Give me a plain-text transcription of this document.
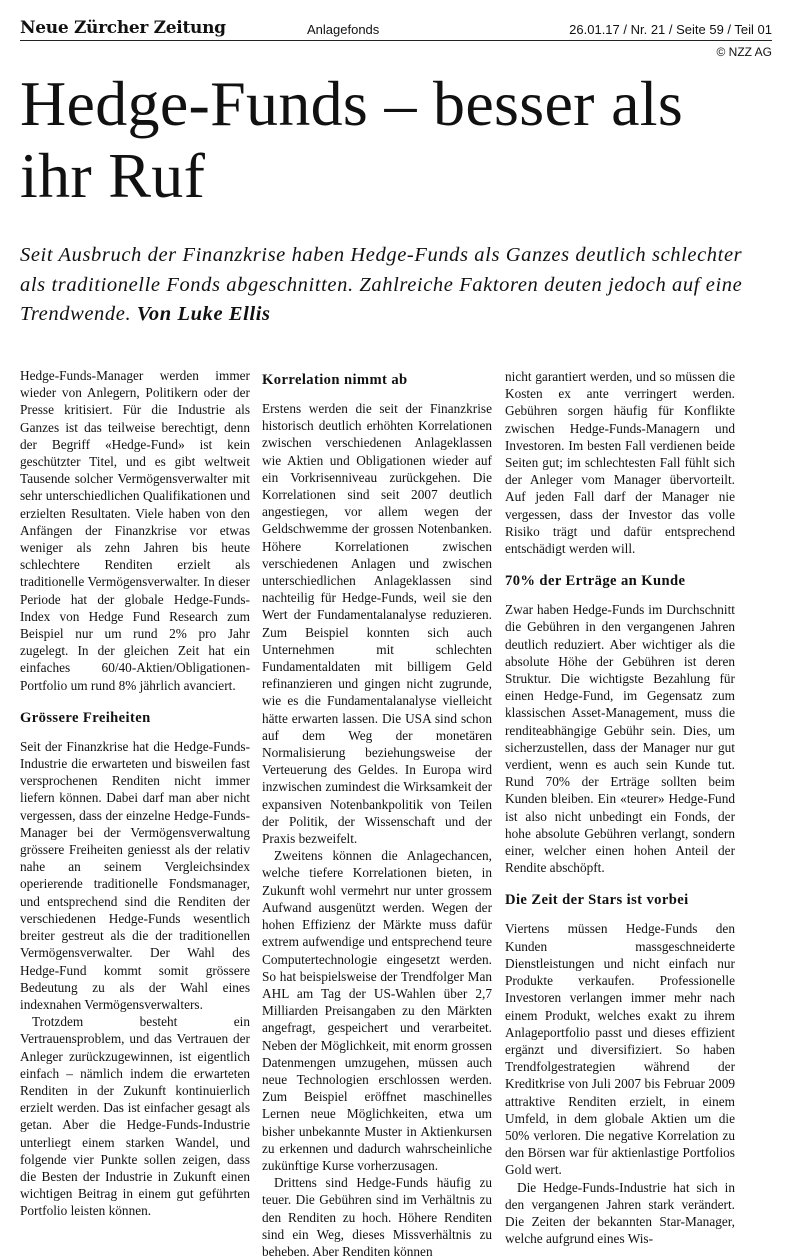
Neue Zürcher Zeitung	Anlagefonds	26.01.17 / Nr. 21 / Seite 59 / Teil 01
© NZZ AG
Hedge-Funds – besser als ihr Ruf

Seit Ausbruch der Finanzkrise haben Hedge-Funds als Ganzes deutlich schlechter als traditionelle Fonds abgeschnitten. Zahlreiche Faktoren deuten jedoch auf eine Trendwende. Von Luke Ellis

Hedge-Funds-Manager werden immer wieder von Anlegern, Politikern oder der Presse kritisiert. Für die Industrie als Ganzes ist das teilweise berechtigt, denn der Begriff «Hedge-Fund» ist kein geschützter Titel, und es gibt weltweit Tausende solcher Vermögensverwalter mit sehr unterschiedlichen Qualifikationen und erzielten Resultaten. Viele haben von den Anfängen der Finanzkrise vor etwas weniger als zehn Jahren bis heute schlechtere Renditen erzielt als traditionelle Vermögensverwalter. In dieser Periode hat der globale Hedge-Funds-Index von Hedge Fund Research zum Beispiel nur um rund 2% pro Jahr zugelegt. In der gleichen Zeit hat ein einfaches 60/40-Aktien/Obligationen-Portfolio um rund 8% jährlich avanciert.

Grössere Freiheiten

Seit der Finanzkrise hat die Hedge-Funds-Industrie die erwarteten und bisweilen fast versprochenen Renditen nicht immer liefern können. Dabei darf man aber nicht vergessen, dass der einzelne Hedge-Funds-Manager bei der Vermögensverwaltung grössere Freiheiten geniesst als der relativ nahe an seinem Vergleichsindex operierende traditionelle Fondsmanager, und entsprechend sind die Renditen der verschiedenen Hedge-Funds wesentlich breiter gestreut als die der traditionellen Vermögensverwalter. Der Wahl des Hedge-Fund kommt somit grössere Bedeutung zu als der Wahl eines indexnahen Vermögensverwalters.

Trotzdem besteht ein Vertrauensproblem, und das Vertrauen der Anleger zurückzugewinnen, ist eigentlich einfach – nämlich indem die erwarteten Renditen in der Zukunft kontinuierlich erzielt werden. Das ist einfacher gesagt als getan. Aber die Hedge-Funds-Industrie unterliegt einem starken Wandel, und folgende vier Punkte sollen zeigen, dass die Besten der Industrie in Zukunft einen wichtigen Beitrag in einem gut geführten Portfolio leisten können.

Korrelation nimmt ab

Erstens werden die seit der Finanzkrise historisch deutlich erhöhten Korrelationen zwischen verschiedenen Anlageklassen wie Aktien und Obligationen wieder auf ein Vorkrisenniveau zurückgehen. Die Korrelationen sind seit 2007 deutlich angestiegen, vor allem wegen der Geldschwemme der grossen Notenbanken. Höhere Korrelationen zwischen verschiedenen Anlagen und zwischen unterschiedlichen Anlageklassen sind nachteilig für Hedge-Funds, weil sie den Wert der Fundamentalanalyse reduzieren. Zum Beispiel konnten sich auch Unternehmen mit schlechten Fundamentaldaten mit billigem Geld refinanzieren und gingen nicht zugrunde, wie es die Fundamentalanalyse vielleicht hätte erwarten lassen. Die USA sind schon auf dem Weg der monetären Normalisierung beziehungsweise der Verteuerung des Geldes. In Europa wird inzwischen zumindest die Wirksamkeit der expansiven Notenbankpolitik von Teilen der Politik, der Wissenschaft und der Praxis bezweifelt.

Zweitens können die Anlagechancen, welche tiefere Korrelationen bieten, in Zukunft wohl vermehrt nur unter grossem Aufwand ausgenützt werden. Wegen der hohen Effizienz der Märkte muss dafür extrem aufwendige und entsprechend teure Computertechnologie eingesetzt werden. So hat beispielsweise der Trendfolger Man AHL am Tag der US-Wahlen über 2,7 Milliarden Preisangaben zu den Märkten angefragt, gespeichert und verarbeitet. Neben der Möglichkeit, mit enorm grossen Datenmengen umzugehen, müssen auch neue Technologien erschlossen werden. Zum Beispiel eröffnet maschinelles Lernen neue Möglichkeiten, etwa um bisher unbekannte Muster in Aktienkursen zu erkennen und dadurch wahrscheinliche zukünftige Kurse vorherzusagen.

Drittens sind Hedge-Funds häufig zu teuer. Die Gebühren sind im Verhältnis zu den Renditen zu hoch. Höhere Renditen sind ein Weg, dieses Missverhältnis zu beheben. Aber Renditen können

nicht garantiert werden, und so müssen die Kosten ex ante verringert werden. Gebühren sorgen häufig für Konflikte zwischen Hedge-Funds-Managern und Investoren. Im besten Fall verdienen beide Seiten gut; im schlechtesten Fall fühlt sich der Anleger vom Manager übervorteilt. Auf jeden Fall darf der Manager nie vergessen, dass der Investor das volle Risiko trägt und dafür entsprechend entschädigt werden will.

70% der Erträge an Kunde

Zwar haben Hedge-Funds im Durchschnitt die Gebühren in den vergangenen Jahren deutlich reduziert. Aber wichtiger als die absolute Höhe der Gebühren ist deren Struktur. Die wichtigste Bezahlung für einen Hedge-Fund, im Gegensatz zum klassischen Asset-Management, muss die renditeabhängige Gebühr sein. Dies, um sicherzustellen, dass der Manager nur gut verdient, wenn es auch sein Kunde tut. Rund 70% der Erträge sollten beim Kunden bleiben. Ein «teurer» Hedge-Fund ist also nicht unbedingt ein Fonds, der hohe absolute Gebühren verlangt, sondern einer, welcher einen hohen Anteil der Rendite abschöpft.

Die Zeit der Stars ist vorbei

Viertens müssen Hedge-Funds den Kunden massgeschneiderte Dienstleistungen und nicht einfach nur Produkte verkaufen. Professionelle Investoren verlangen immer mehr nach einem Produkt, welches exakt zu ihrem Anlageportfolio passt und dieses effizient ergänzt und diversifiziert. So haben Trendfolgestrategien während der Kreditkrise von Juli 2007 bis Februar 2009 attraktive Renditen erzielt, in einem Umfeld, in dem globale Aktien um die 50% verloren. Die negative Korrelation zu den Börsen war für aktienlastige Portfolios Gold wert.

Die Hedge-Funds-Industrie hat sich in den vergangenen Jahren stark verändert. Die Zeiten der bekannten Star-Manager, welche aufgrund eines Wis-
